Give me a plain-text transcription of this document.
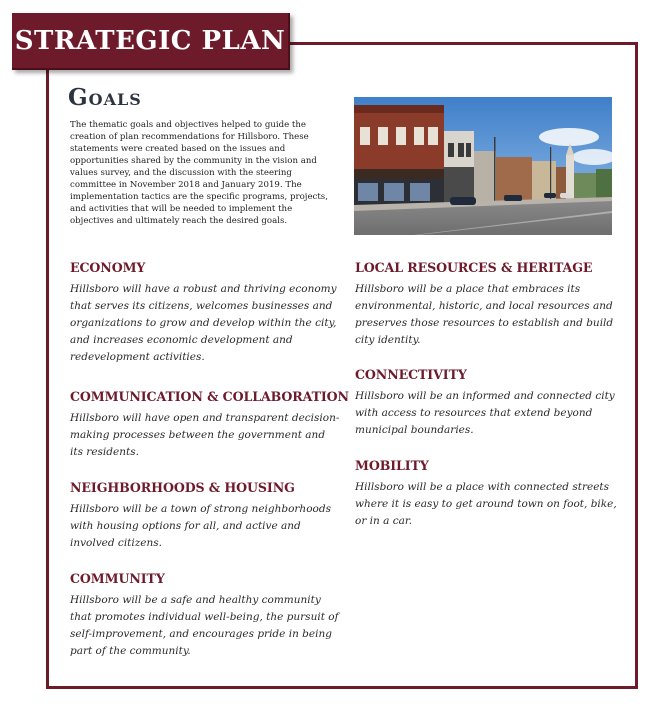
STRATEGIC PLAN
Goals

The thematic goals and objectives helped to guide the creation of plan recommendations for Hillsboro. These statements were created based on the issues and opportunities shared by the community in the vision and values survey, and the discussion with the steering committee in November 2018 and January 2019. The implementation tactics are the specific programs, projects, and activities that will be needed to implement the objectives and ultimately reach the desired goals.

ECONOMY

Hillsboro will have a robust and thriving economy that serves its citizens, welcomes businesses and organizations to grow and develop within the city, and increases economic development and redevelopment activities.

COMMUNICATION & COLLABORATION

Hillsboro will have open and transparent decision-making processes between the government and its residents.

NEIGHBORHOODS & HOUSING

Hillsboro will be a town of strong neighborhoods with housing options for all, and active and involved citizens.

COMMUNITY

Hillsboro will be a safe and healthy community that promotes individual well-being, the pursuit of self-improvement, and encourages pride in being part of the community.

LOCAL RESOURCES & HERITAGE

Hillsboro will be a place that embraces its environmental, historic, and local resources and preserves those resources to establish and build city identity.

CONNECTIVITY

Hillsboro will be an informed and connected city with access to resources that extend beyond municipal boundaries.

MOBILITY

Hillsboro will be a place with connected streets where it is easy to get around town on foot, bike, or in a car.
